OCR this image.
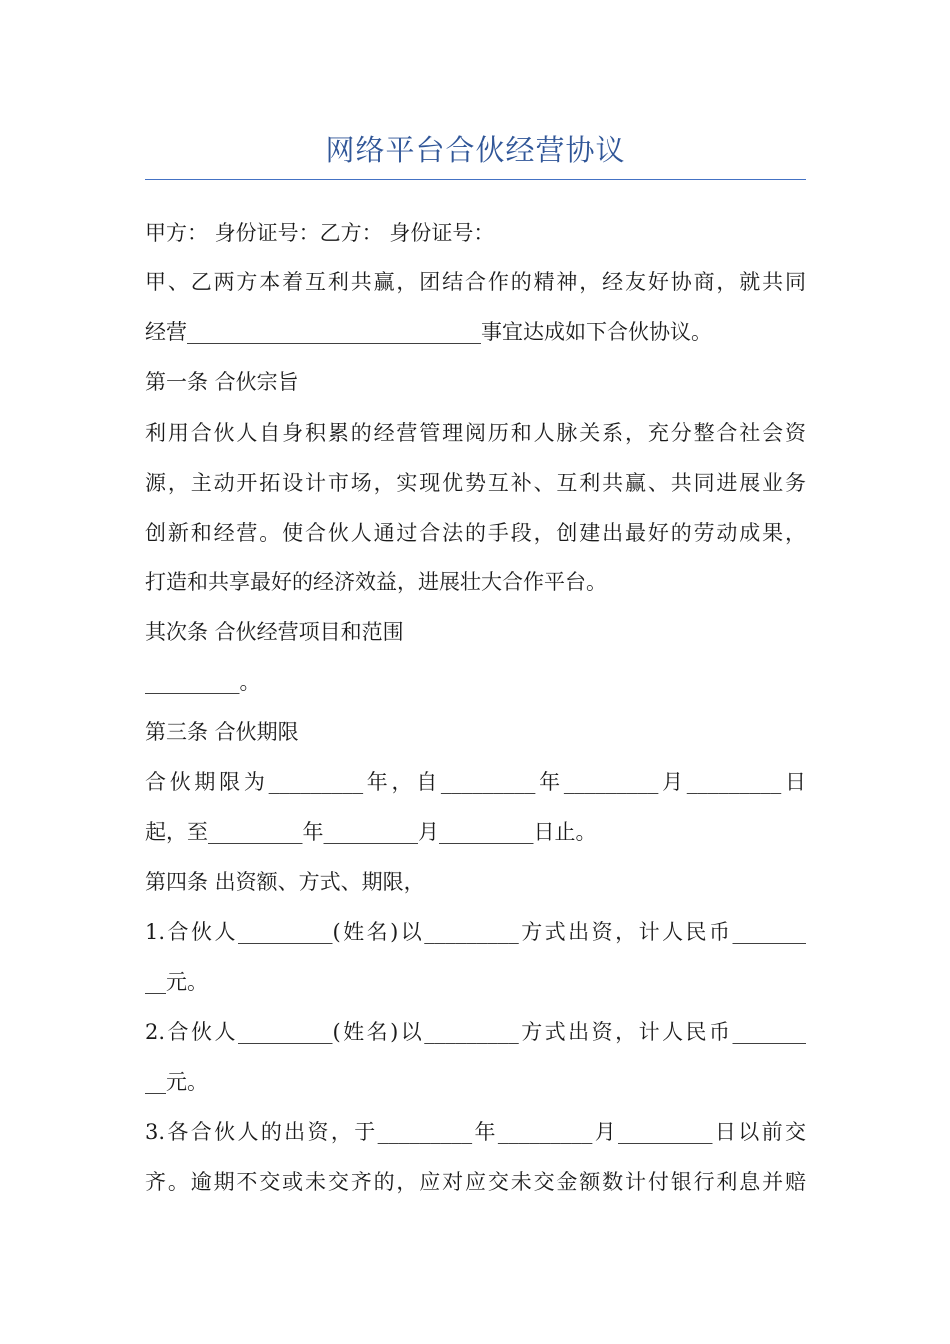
网络平台合伙经营协议
甲方： 身份证号：乙方： 身份证号：
甲、乙两方本着互利共赢，团结合作的精神，经友好协商，就共同
经营____________________________事宜达成如下合伙协议。
第一条 合伙宗旨
利用合伙人自身积累的经营管理阅历和人脉关系，充分整合社会资
源，主动开拓设计市场，实现优势互补、互利共赢、共同进展业务
创新和经营。使合伙人通过合法的手段，创建出最好的劳动成果，
打造和共享最好的经济效益，进展壮大合作平台。
其次条 合伙经营项目和范围
_________。
第三条 合伙期限
合伙期限为_________年，自_________年_________月_________日
起，至_________年_________月_________日止。
第四条 出资额、方式、期限，
1.合伙人_________(姓名)以_________方式出资，计人民币_______
__元。
2.合伙人_________(姓名)以_________方式出资，计人民币_______
__元。
3.各合伙人的出资，于_________年_________月_________日以前交
齐。逾期不交或未交齐的，应对应交未交金额数计付银行利息并赔
